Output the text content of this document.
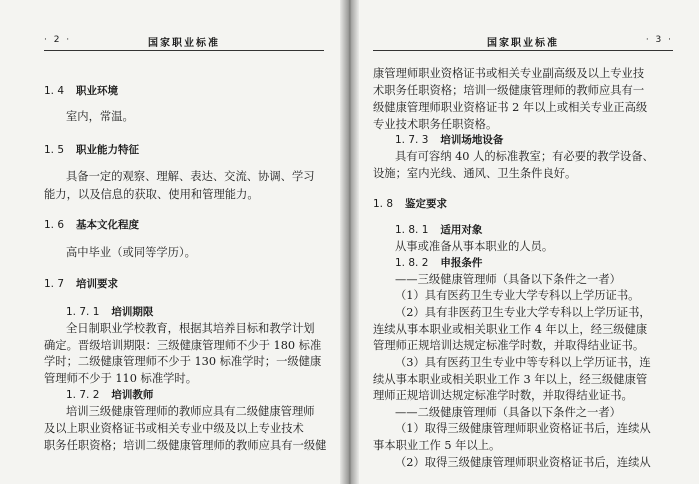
· 2 ·	国家职业标准
1. 4 职业环境
室内，常温。
1. 5 职业能力特征
具备一定的观察、理解、表达、交流、协调、学习
能力，以及信息的获取、使用和管理能力。
1. 6 基本文化程度
高中毕业（或同等学历）。
1. 7 培训要求
1. 7. 1 培训期限
全日制职业学校教育，根据其培养目标和教学计划
确定。晋级培训期限：三级健康管理师不少于 180 标准
学时；二级健康管理师不少于 130 标准学时；一级健康
管理师不少于 110 标准学时。
1. 7. 2 培训教师
培训三级健康管理师的教师应具有二级健康管理师
及以上职业资格证书或相关专业中级及以上专业技术
职务任职资格；培训二级健康管理师的教师应具有一级健
国家职业标准	· 3 ·
康管理师职业资格证书或相关专业副高级及以上专业技
术职务任职资格；培训一级健康管理师的教师应具有一
级健康管理师职业资格证书 2 年以上或相关专业正高级
专业技术职务任职资格。
1. 7. 3 培训场地设备
具有可容纳 40 人的标准教室；有必要的教学设备、
设施；室内光线、通风、卫生条件良好。
1. 8 鉴定要求
1. 8. 1 适用对象
从事或准备从事本职业的人员。
1. 8. 2 申报条件
——三级健康管理师（具备以下条件之一者）
（1）具有医药卫生专业大学专科以上学历证书。
（2）具有非医药卫生专业大学专科以上学历证书，
连续从事本职业或相关职业工作 4 年以上，经三级健康
管理师正规培训达规定标准学时数，并取得结业证书。
（3）具有医药卫生专业中等专科以上学历证书，连
续从事本职业或相关职业工作 3 年以上，经三级健康管
理师正规培训达规定标准学时数，并取得结业证书。
——二级健康管理师（具备以下条件之一者）
（1）取得三级健康管理师职业资格证书后，连续从
事本职业工作 5 年以上。
（2）取得三级健康管理师职业资格证书后，连续从
